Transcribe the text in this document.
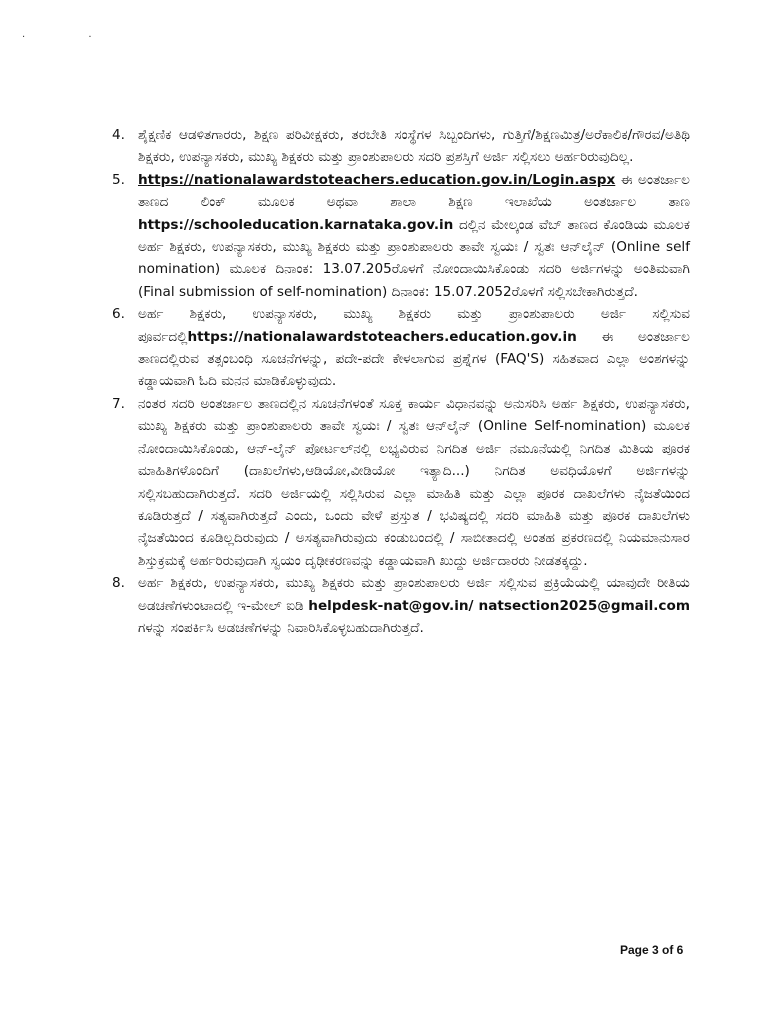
· ·

4. ಶೈಕ್ಷಣಿಕ ಆಡಳಿತಗಾರರು, ಶಿಕ್ಷಣ ಪರಿವೀಕ್ಷಕರು, ತರಬೇತಿ ಸಂಸ್ಥೆಗಳ ಸಿಬ್ಬಂದಿಗಳು, ಗುತ್ತಿಗೆ/ಶಿಕ್ಷಣಮಿತ್ರ/ಅರೆಕಾಲಿಕ/ಗೌರವ/ಅತಿಥಿ ಶಿಕ್ಷಕರು, ಉಪನ್ಯಾಸಕರು, ಮುಖ್ಯ ಶಿಕ್ಷಕರು ಮತ್ತು ಪ್ರಾಂಶುಪಾಲರು ಸದರಿ ಪ್ರಶಸ್ತಿಗೆ ಅರ್ಜಿ ಸಲ್ಲಿಸಲು ಅರ್ಹರಿರುವುದಿಲ್ಲ.

5. https://nationalawardstoteachers.education.gov.in/Login.aspx ಈ ಅಂತರ್ಜಾಲ ತಾಣದ ಲಿಂಕ್ ಮೂಲಕ ಅಥವಾ ಶಾಲಾ ಶಿಕ್ಷಣ ಇಲಾಖೆಯ ಅಂತರ್ಜಾಲ ತಾಣ https://schooleducation.karnataka.gov.in ದಲ್ಲಿನ ಮೇಲ್ಕಂಡ ವೆಬ್ ತಾಣದ ಕೊಂಡಿಯ ಮೂಲಕ ಅರ್ಹ ಶಿಕ್ಷಕರು, ಉಪನ್ಯಾಸಕರು, ಮುಖ್ಯ ಶಿಕ್ಷಕರು ಮತ್ತು ಪ್ರಾಂಶುಪಾಲರು ತಾವೇ ಸ್ವಯಃ / ಸ್ವತಃ ಆನ್‌ಲೈನ್ (Online self nomination) ಮೂಲಕ ದಿನಾಂಕ: 13.07.205ರೊಳಗೆ ನೋಂದಾಯಿಸಿಕೊಂಡು ಸದರಿ ಅರ್ಜಿಗಳನ್ನು ಅಂತಿಮವಾಗಿ (Final submission of self-nomination) ದಿನಾಂಕ: 15.07.2052ರೊಳಗೆ ಸಲ್ಲಿಸಬೇಕಾಗಿರುತ್ತದೆ.

6. ಅರ್ಹ ಶಿಕ್ಷಕರು, ಉಪನ್ಯಾಸಕರು, ಮುಖ್ಯ ಶಿಕ್ಷಕರು ಮತ್ತು ಪ್ರಾಂಶುಪಾಲರು ಅರ್ಜಿ ಸಲ್ಲಿಸುವ ಪೂರ್ವದಲ್ಲಿhttps://nationalawardstoteachers.education.gov.in ಈ ಅಂತರ್ಜಾಲ ತಾಣದಲ್ಲಿರುವ ತತ್ಸಂಬಂಧಿ ಸೂಚನೆಗಳನ್ನು, ಪದೇ-ಪದೇ ಕೇಳಲಾಗುವ ಪ್ರಶ್ನೆಗಳ (FAQ'S) ಸಹಿತವಾದ ಎಲ್ಲಾ ಅಂಶಗಳನ್ನು ಕಡ್ಡಾಯವಾಗಿ ಓದಿ ಮನನ ಮಾಡಿಕೊಳ್ಳುವುದು.

7. ನಂತರ ಸದರಿ ಅಂತರ್ಜಾಲ ತಾಣದಲ್ಲಿನ ಸೂಚನೆಗಳಂತೆ ಸೂಕ್ತ ಕಾರ್ಯ ವಿಧಾನವನ್ನು ಅನುಸರಿಸಿ ಅರ್ಹ ಶಿಕ್ಷಕರು, ಉಪನ್ಯಾಸಕರು, ಮುಖ್ಯ ಶಿಕ್ಷಕರು ಮತ್ತು ಪ್ರಾಂಶುಪಾಲರು ತಾವೇ ಸ್ವಯಃ / ಸ್ವತಃ ಆನ್‌ಲೈನ್ (Online Self-nomination) ಮೂಲಕ ನೋಂದಾಯಿಸಿಕೊಂಡು, ಆನ್-ಲೈನ್ ಪೋರ್ಟಲ್‌ನಲ್ಲಿ ಲಭ್ಯವಿರುವ ನಿಗದಿತ ಅರ್ಜಿ ನಮೂನೆಯಲ್ಲಿ ನಿಗದಿತ ಮಿತಿಯ ಪೂರಕ ಮಾಹಿತಿಗಳೊಂದಿಗೆ (ದಾಖಲೆಗಳು,ಆಡಿಯೋ,ವೀಡಿಯೋ ಇತ್ಯಾದಿ...) ನಿಗದಿತ ಅವಧಿಯೊಳಗೆ ಅರ್ಜಿಗಳನ್ನು ಸಲ್ಲಿಸಬಹುದಾಗಿರುತ್ತದೆ. ಸದರಿ ಅರ್ಜಿಯಲ್ಲಿ ಸಲ್ಲಿಸಿರುವ ಎಲ್ಲಾ ಮಾಹಿತಿ ಮತ್ತು ಎಲ್ಲಾ ಪೂರಕ ದಾಖಲೆಗಳು ನೈಜತೆಯಿಂದ ಕೂಡಿರುತ್ತದೆ / ಸತ್ಯವಾಗಿರುತ್ತದೆ ಎಂದು, ಒಂದು ವೇಳೆ ಪ್ರಸ್ತುತ / ಭವಿಷ್ಯದಲ್ಲಿ ಸದರಿ ಮಾಹಿತಿ ಮತ್ತು ಪೂರಕ ದಾಖಲೆಗಳು ನೈಜತೆಯಿಂದ ಕೂಡಿಲ್ಲದಿರುವುದು / ಅಸತ್ಯವಾಗಿರುವುದು ಕಂಡುಬಂದಲ್ಲಿ / ಸಾಬೀತಾದಲ್ಲಿ ಅಂತಹ ಪ್ರಕರಣದಲ್ಲಿ ನಿಯಮಾನುಸಾರ ಶಿಸ್ತುಕ್ರಮಕ್ಕೆ ಅರ್ಹರಿರುವುದಾಗಿ ಸ್ವಯಂ ದೃಢೀಕರಣವನ್ನು ಕಡ್ಡಾಯವಾಗಿ ಖುದ್ದು ಅರ್ಜಿದಾರರು ನೀಡತಕ್ಕದ್ದು.

8. ಅರ್ಹ ಶಿಕ್ಷಕರು, ಉಪನ್ಯಾಸಕರು, ಮುಖ್ಯ ಶಿಕ್ಷಕರು ಮತ್ತು ಪ್ರಾಂಶುಪಾಲರು ಅರ್ಜಿ ಸಲ್ಲಿಸುವ ಪ್ರಕ್ರಿಯೆಯಲ್ಲಿ ಯಾವುದೇ ರೀತಿಯ ಅಡಚಣೆಗಳುಂಟಾದಲ್ಲಿ ಇ-ಮೇಲ್ ಐಡಿ helpdesk-nat@gov.in/ natsection2025@gmail.com ಗಳನ್ನು ಸಂಪರ್ಕಿಸಿ ಅಡಚಣೆಗಳನ್ನು ನಿವಾರಿಸಿಕೊಳ್ಳಬಹುದಾಗಿರುತ್ತದೆ.

Page 3 of 6
